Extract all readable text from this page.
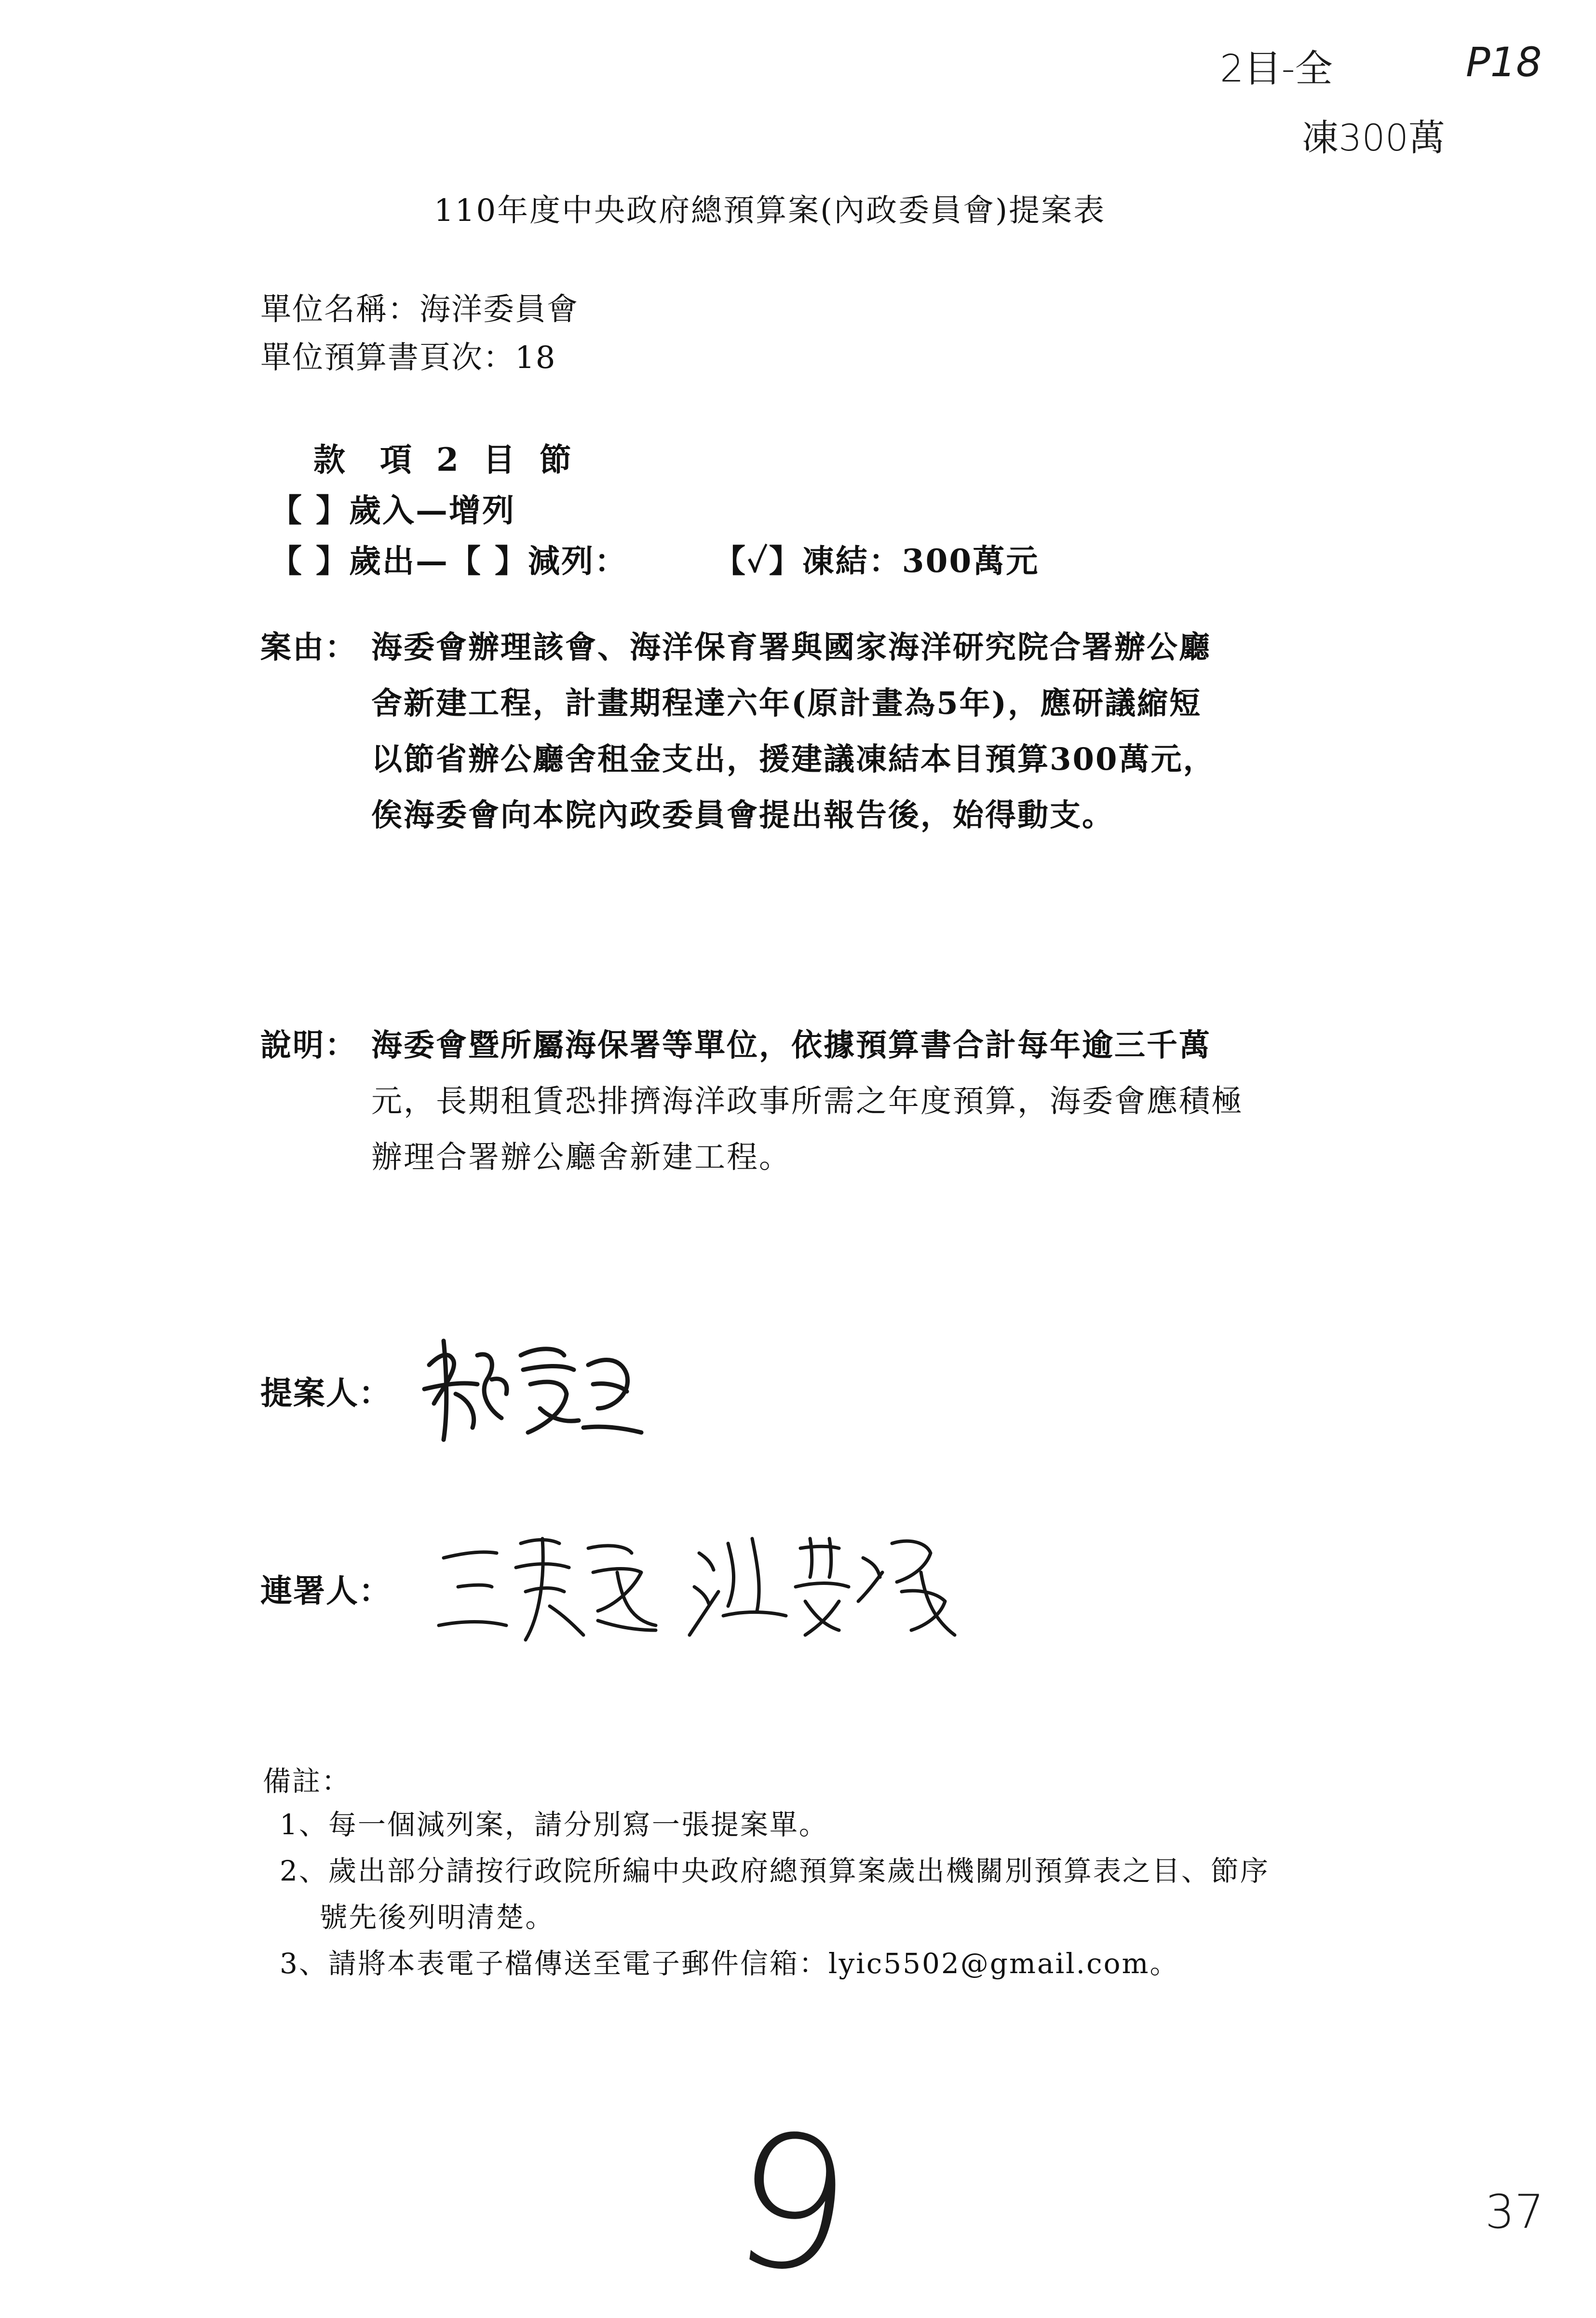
2目-全	P18
凍300萬
110年度中央政府總預算案(內政委員會)提案表
單位名稱：海洋委員會
單位預算書頁次：18
款　項 2 目 節
【 】歲入—增列
【 】歲出—【 】減列：	【✓】凍結：300萬元
案由： 海委會辦理該會、海洋保育署與國家海洋研究院合署辦公廳
舍新建工程，計畫期程達六年(原計畫為5年)，應研議縮短
以節省辦公廳舍租金支出，援建議凍結本目預算300萬元，
俟海委會向本院內政委員會提出報告後，始得動支。
說明： 海委會暨所屬海保署等單位，依據預算書合計每年逾三千萬
元，長期租賃恐排擠海洋政事所需之年度預算，海委會應積極
辦理合署辦公廳舍新建工程。
提案人：
連署人：
備註：
1、每一個減列案，請分別寫一張提案單。
2、歲出部分請按行政院所編中央政府總預算案歲出機關別預算表之目、節序
　 號先後列明清楚。
3、請將本表電子檔傳送至電子郵件信箱：lyic5502@gmail.com。
9	37
